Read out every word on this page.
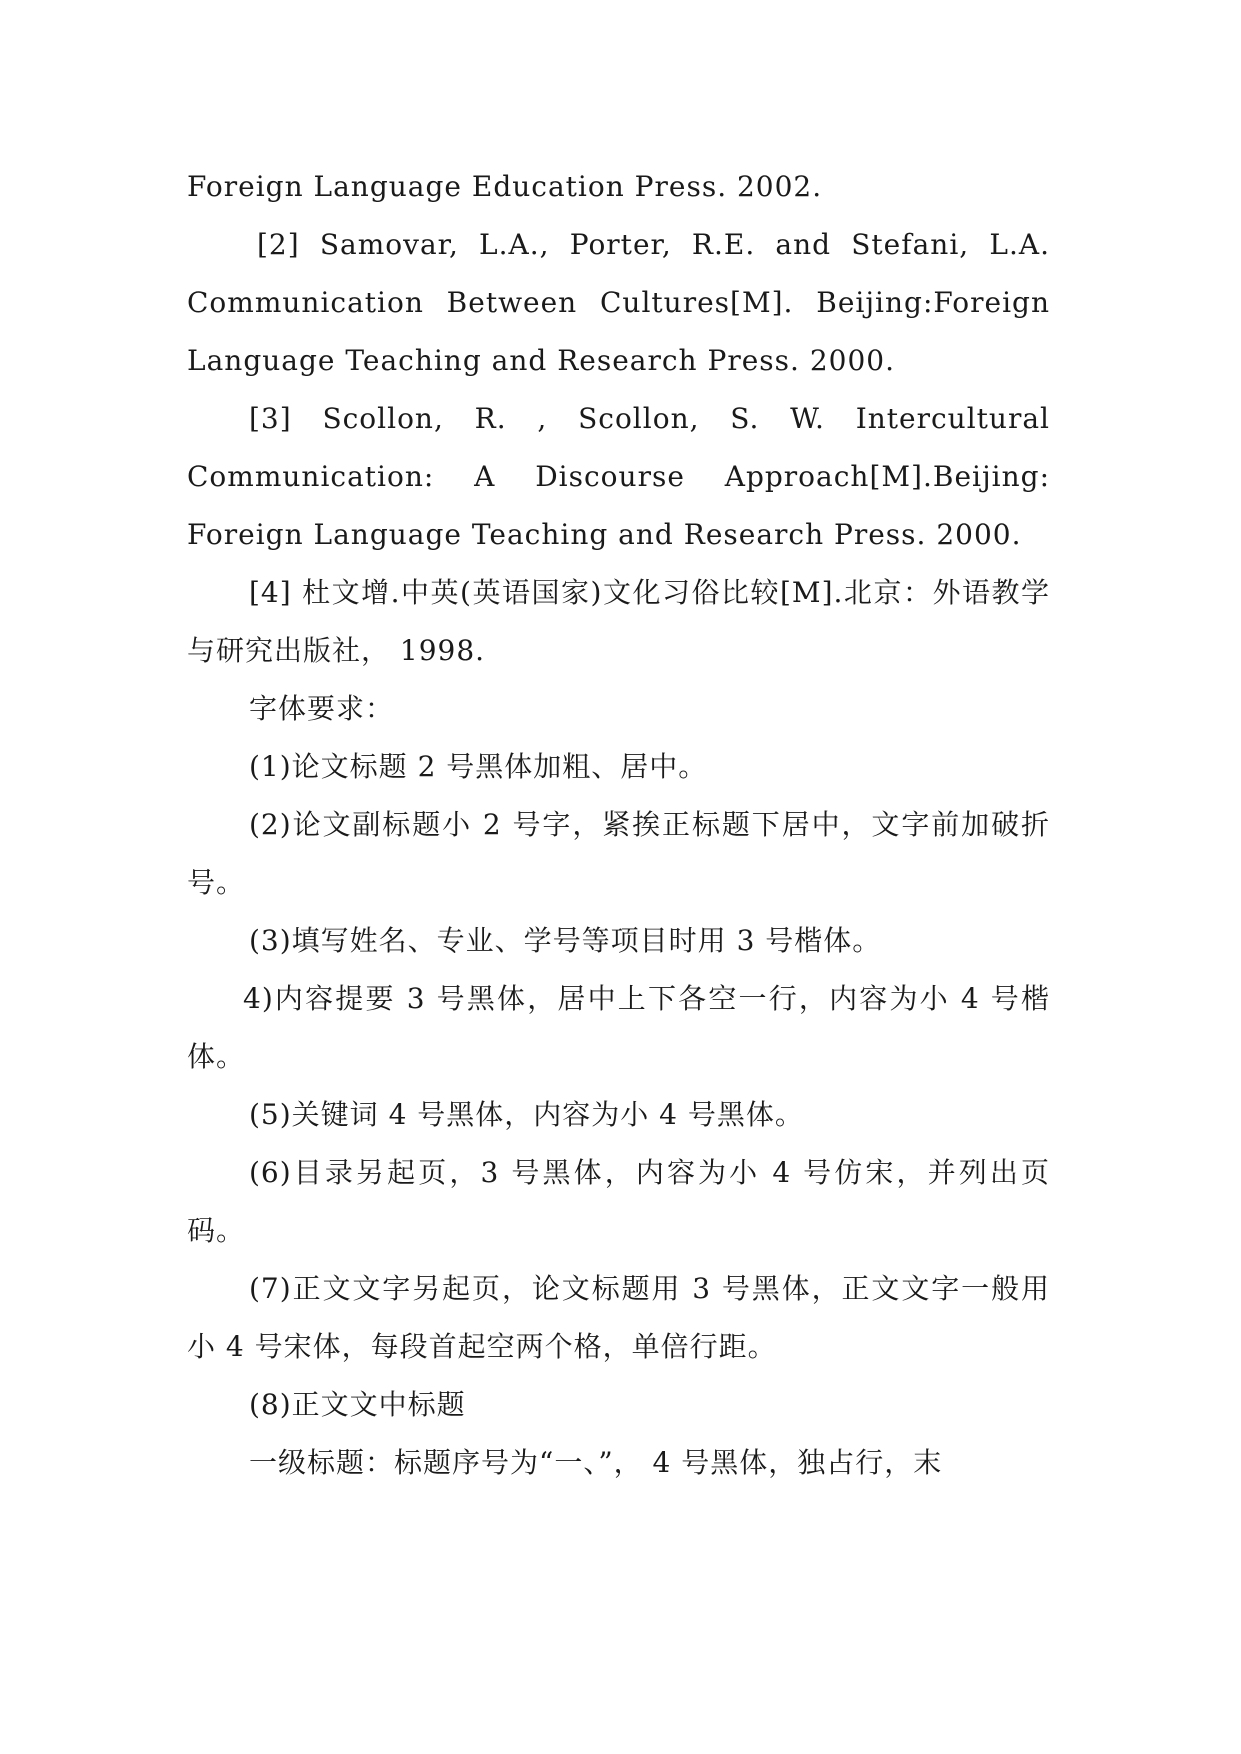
Foreign Language Education Press. 2002.

[2] Samovar, L.A., Porter, R.E. and Stefani, L.A. Communication Between Cultures[M]. Beijing:Foreign Language Teaching and Research Press. 2000.

[3] Scollon, R. , Scollon, S. W. Intercultural Communication: A Discourse Approach[M].Beijing: Foreign Language Teaching and Research Press. 2000.

[4] 杜文增.中英(英语国家)文化习俗比较[M].北京：外语教学与研究出版社， 1998.

字体要求：

(1)论文标题 2 号黑体加粗、居中。

(2)论文副标题小 2 号字，紧挨正标题下居中，文字前加破折号。

(3)填写姓名、专业、学号等项目时用 3 号楷体。

4)内容提要 3 号黑体，居中上下各空一行，内容为小 4 号楷体。

(5)关键词 4 号黑体，内容为小 4 号黑体。

(6)目录另起页，3 号黑体，内容为小 4 号仿宋，并列出页码。

(7)正文文字另起页，论文标题用 3 号黑体，正文文字一般用小 4 号宋体，每段首起空两个格，单倍行距。

(8)正文文中标题

一级标题：标题序号为“一、”， 4 号黑体，独占行，末
